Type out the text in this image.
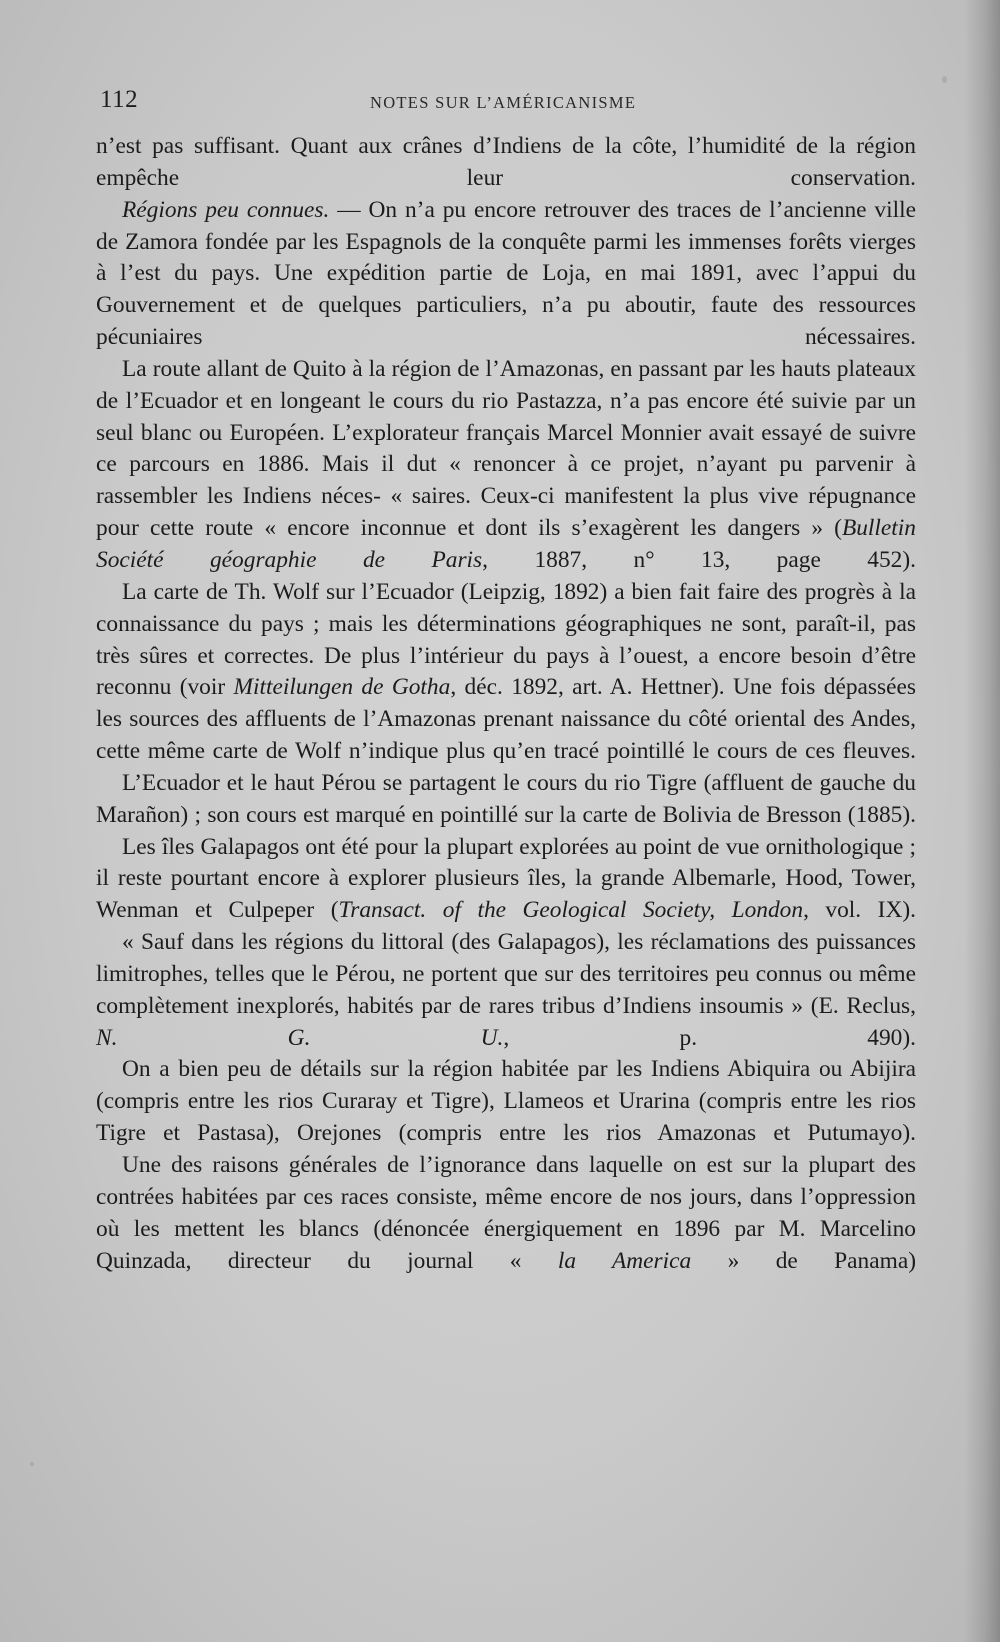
112	NOTES SUR L’AMÉRICANISME

n’est pas suffisant. Quant aux crânes d’Indiens de la côte, l’humidité de la région empêche leur conservation.

Régions peu connues. — On n’a pu encore retrouver des traces de l’ancienne ville de Zamora fondée par les Espagnols de la conquête parmi les immenses forêts vierges à l’est du pays. Une expédition partie de Loja, en mai 1891, avec l’appui du Gouvernement et de quelques particuliers, n’a pu aboutir, faute des ressources pécuniaires nécessaires.

La route allant de Quito à la région de l’Amazonas, en passant par les hauts plateaux de l’Ecuador et en longeant le cours du rio Pastazza, n’a pas encore été suivie par un seul blanc ou Européen. L’explorateur français Marcel Monnier avait essayé de suivre ce parcours en 1886. Mais il dut « renoncer à ce projet, n’ayant pu parvenir à rassembler les Indiens néces- « saires. Ceux-ci manifestent la plus vive répugnance pour cette route « encore inconnue et dont ils s’exagèrent les dangers » (Bulletin Société géographie de Paris, 1887, n° 13, page 452).

La carte de Th. Wolf sur l’Ecuador (Leipzig, 1892) a bien fait faire des progrès à la connaissance du pays ; mais les déterminations géographiques ne sont, paraît-il, pas très sûres et correctes. De plus l’intérieur du pays à l’ouest, a encore besoin d’être reconnu (voir Mitteilungen de Gotha, déc. 1892, art. A. Hettner). Une fois dépassées les sources des affluents de l’Amazonas prenant naissance du côté oriental des Andes, cette même carte de Wolf n’indique plus qu’en tracé pointillé le cours de ces fleuves.

L’Ecuador et le haut Pérou se partagent le cours du rio Tigre (affluent de gauche du Marañon) ; son cours est marqué en pointillé sur la carte de Bolivia de Bresson (1885).

Les îles Galapagos ont été pour la plupart explorées au point de vue ornithologique ; il reste pourtant encore à explorer plusieurs îles, la grande Albemarle, Hood, Tower, Wenman et Culpeper (Transact. of the Geological Society, London, vol. IX).

« Sauf dans les régions du littoral (des Galapagos), les réclamations des puissances limitrophes, telles que le Pérou, ne portent que sur des territoires peu connus ou même complètement inexplorés, habités par de rares tribus d’Indiens insoumis » (E. Reclus, N. G. U., p. 490).

On a bien peu de détails sur la région habitée par les Indiens Abiquira ou Abijira (compris entre les rios Curaray et Tigre), Llameos et Urarina (compris entre les rios Tigre et Pastasa), Orejones (compris entre les rios Amazonas et Putumayo).

Une des raisons générales de l’ignorance dans laquelle on est sur la plupart des contrées habitées par ces races consiste, même encore de nos jours, dans l’oppression où les mettent les blancs (dénoncée énergiquement en 1896 par M. Marcelino Quinzada, directeur du journal « la America » de Panama)
